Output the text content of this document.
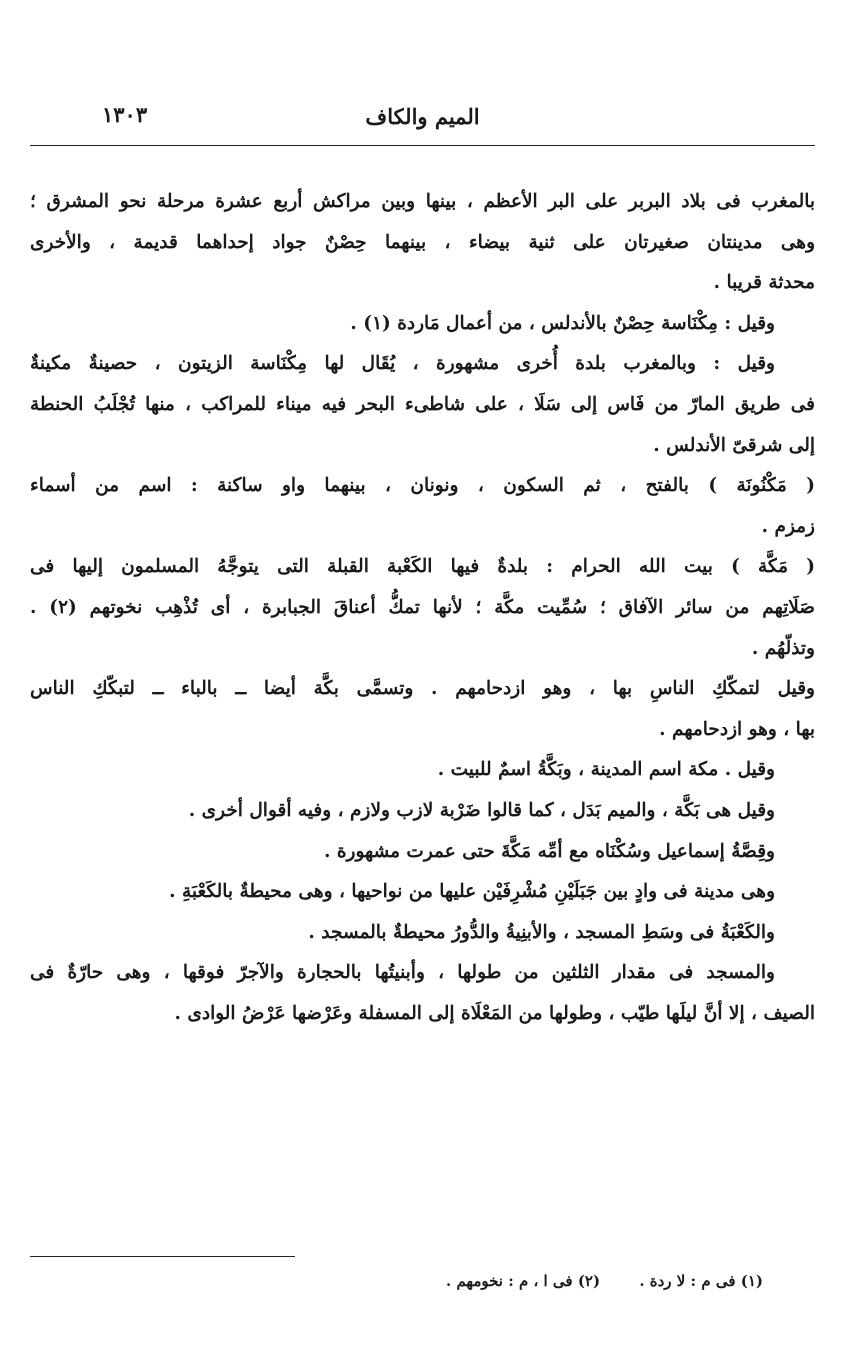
الميم والكاف
١٣٠٣
بالمغرب فى بلاد البربر على البر الأعظم ، بينها وبين مراكش أربع عشرة مرحلة نحو المشرق ؛
وهى مدينتان صغيرتان على ثنية بيضاء ، بينهما حِصْنٌ جواد إحداهما قديمة ، والأخرى
محدثة قريبا .
وقيل : مِكْنَاسة حِصْنٌ بالأندلس ، من أعمال مَاردة (١) .
وقيل : وبالمغرب بلدة أُخرى مشهورة ، يُقَال لها مِكْنَاسة الزيتون ، حصينةٌ مكينةٌ
فى طريق المارّ من فَاس إلى سَلَا ، على شاطىء البحر فيه ميناء للمراكب ، منها تُجْلَبُ الحنطة
إلى شرقىّ الأندلس .
( مَكْنُونَة ) بالفتح ، ثم السكون ، ونونان ، بينهما واو ساكنة : اسم من أسماء
زمزم .
( مَكَّة ) بيت الله الحرام : بلدةٌ فيها الكَعْبة القبلة التى يتوجَّهُ المسلمون إليها فى
صَلَاتِهم من سائر الآفاق ؛ سُمِّيت مكَّة ؛ لأنها تمكُّ أعناقَ الجبابرة ، أى تُذْهِب نخوتهم (٢) .
وتذلّهُم .
وقيل لتمكّكِ الناسِ بها ، وهو ازدحامهم . وتسمَّى بكَّة أيضا ــ بالباء ــ لتبكّكِ الناس
بها ، وهو ازدحامهم .
وقيل . مكة اسم المدينة ، وبَكَّةُ اسمٌ للبيت .
وقيل هى بَكَّة ، والميم بَدَل ، كما قالوا ضَرْبة لازب ولازم ، وفيه أقوال أخرى .
وقِصَّةُ إسماعيل وسُكْنَاه مع أمِّه مَكَّةَ حتى عمرت مشهورة .
وهى مدينة فى وادٍ بين جَبَلَيْنِ مُشْرِفَيْن عليها من نواحيها ، وهى محيطةٌ بالكَعْبَةِ .
والكَعْبَةُ فى وسَطِ المسجد ، والأبنِيةُ والدُّورُ محيطةٌ بالمسجد .
والمسجد فى مقدار الثلثين من طولها ، وأبنيتُها بالحجارة والآجرّ فوقها ، وهى حارّةٌ فى
الصيف ، إلا أنَّ ليلَها طيّب ، وطولها من المَعْلَاة إلى المسفلة وعَرْضها عَرْضُ الوادى .
(١) فى م : لا ردة . (٢) فى ا ، م : نخومهم .
